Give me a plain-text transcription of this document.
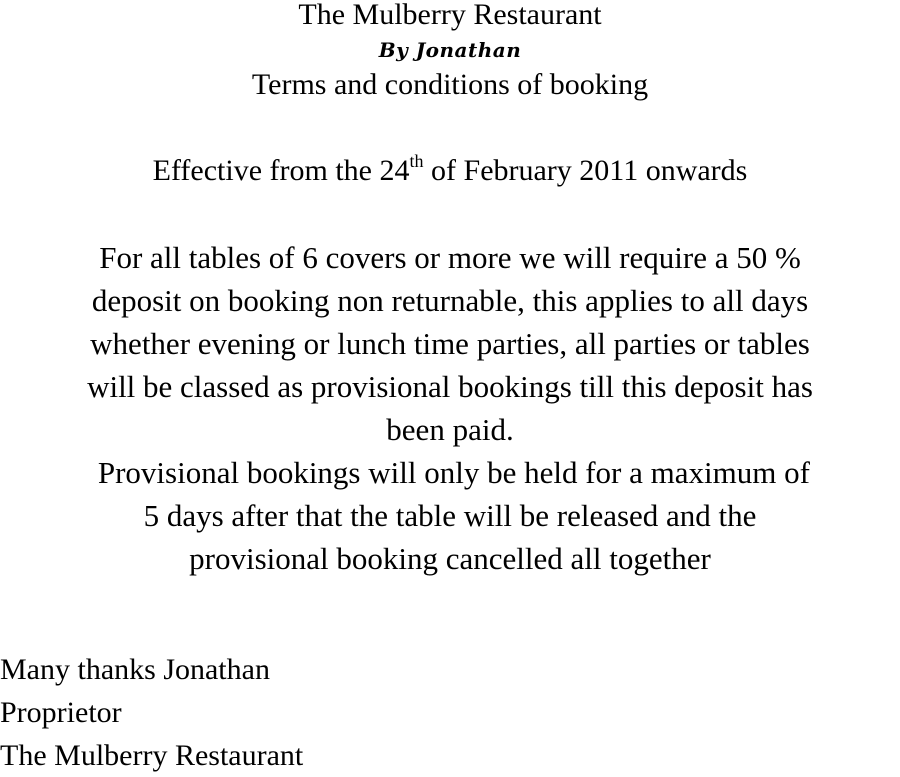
The Mulberry Restaurant

By Jonathan

Terms and conditions of booking

Effective from the 24th of February 2011 onwards

For all tables of 6 covers or more we will require a 50 %
deposit on booking non returnable, this applies to all days
whether evening or lunch time parties, all parties or tables
will be classed as provisional bookings till this deposit has
been paid.
Provisional bookings will only be held for a maximum of
5 days after that the table will be released and the
provisional booking cancelled all together
Many thanks Jonathan
Proprietor
The Mulberry Restaurant
